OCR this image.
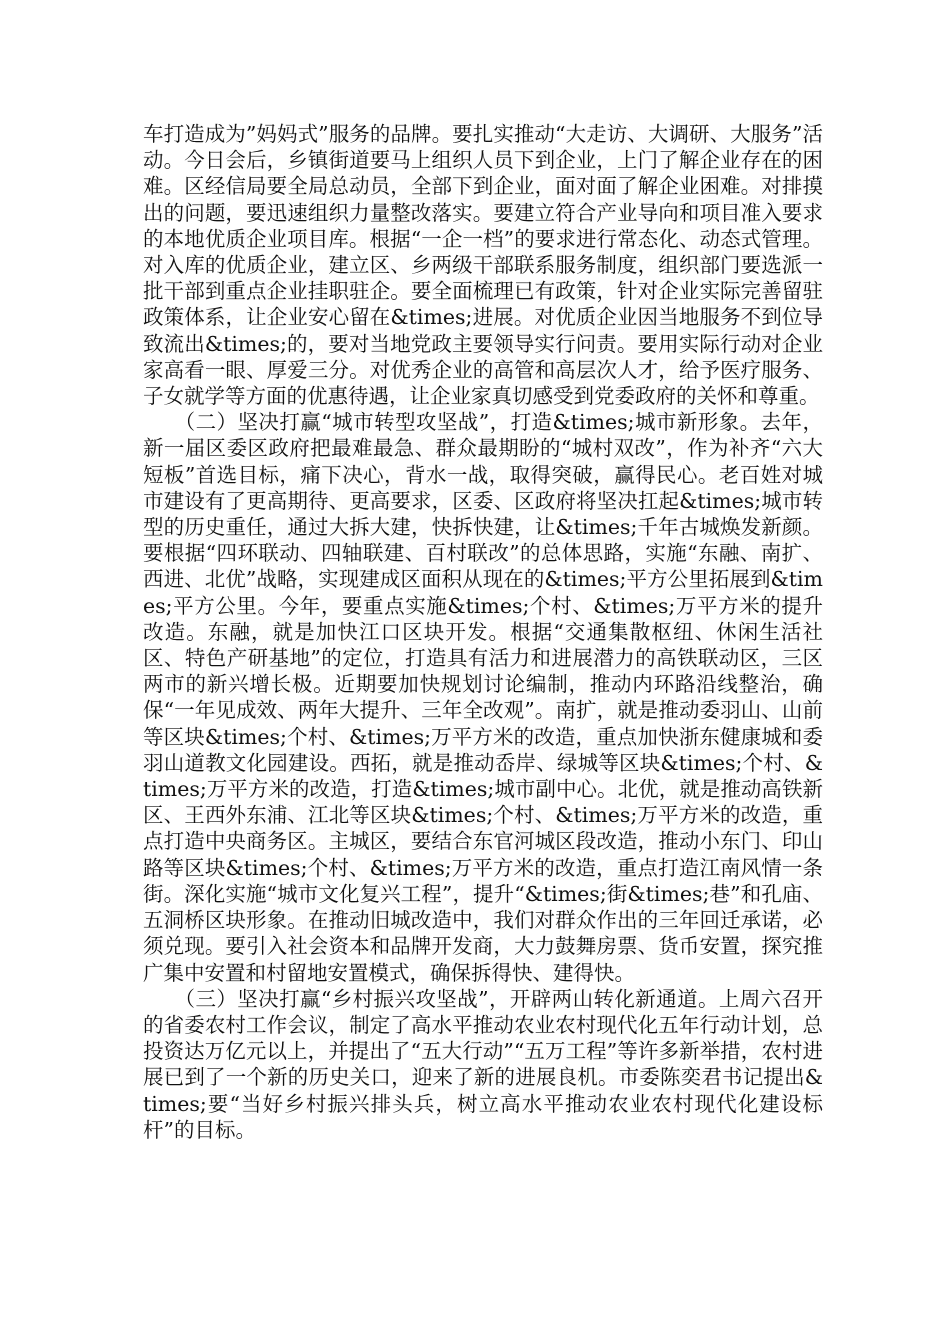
车打造成为”妈妈式”服务的品牌。要扎实推动“大走访、大调研、大服务”活动。今日会后，乡镇街道要马上组织人员下到企业，上门了解企业存在的困难。区经信局要全局总动员，全部下到企业，面对面了解企业困难。对排摸出的问题，要迅速组织力量整改落实。要建立符合产业导向和项目准入要求的本地优质企业项目库。根据“一企一档”的要求进行常态化、动态式管理。对入库的优质企业，建立区、乡两级干部联系服务制度，组织部门要选派一批干部到重点企业挂职驻企。要全面梳理已有政策，针对企业实际完善留驻政策体系，让企业安心留在&times;进展。对优质企业因当地服务不到位导致流出&times;的，要对当地党政主要领导实行问责。要用实际行动对企业家高看一眼、厚爱三分。对优秀企业的高管和高层次人才，给予医疗服务、子女就学等方面的优惠待遇，让企业家真切感受到党委政府的关怀和尊重。

　　（二）坚决打赢“城市转型攻坚战”，打造&times;城市新形象。去年，新一届区委区政府把最难最急、群众最期盼的“城村双改”，作为补齐“六大短板”首选目标，痛下决心，背水一战，取得突破，赢得民心。老百姓对城市建设有了更高期待、更高要求，区委、区政府将坚决扛起&times;城市转型的历史重任，通过大拆大建，快拆快建，让&times;千年古城焕发新颜。要根据“四环联动、四轴联建、百村联改”的总体思路，实施“东融、南扩、西进、北优”战略，实现建成区面积从现在的&times;平方公里拓展到&times;平方公里。今年，要重点实施&times;个村、&times;万平方米的提升改造。东融，就是加快江口区块开发。根据“交通集散枢纽、休闲生活社区、特色产研基地”的定位，打造具有活力和进展潜力的高铁联动区，三区两市的新兴增长极。近期要加快规划讨论编制，推动内环路沿线整治，确保“一年见成效、两年大提升、三年全改观”。南扩，就是推动委羽山、山前等区块&times;个村、&times;万平方米的改造，重点加快浙东健康城和委羽山道教文化园建设。西拓，就是推动岙岸、绿城等区块&times;个村、&times;万平方米的改造，打造&times;城市副中心。北优，就是推动高铁新区、王西外东浦、江北等区块&times;个村、&times;万平方米的改造，重点打造中央商务区。主城区，要结合东官河城区段改造，推动小东门、印山路等区块&times;个村、&times;万平方米的改造，重点打造江南风情一条街。深化实施“城市文化复兴工程”，提升“&times;街&times;巷”和孔庙、五洞桥区块形象。在推动旧城改造中，我们对群众作出的三年回迁承诺，必须兑现。要引入社会资本和品牌开发商，大力鼓舞房票、货币安置，探究推广集中安置和村留地安置模式，确保拆得快、建得快。

　　（三）坚决打赢“乡村振兴攻坚战”，开辟两山转化新通道。上周六召开的省委农村工作会议，制定了高水平推动农业农村现代化五年行动计划，总投资达万亿元以上，并提出了“五大行动”“五万工程”等许多新举措，农村进展已到了一个新的历史关口，迎来了新的进展良机。市委陈奕君书记提出&times;要“当好乡村振兴排头兵，树立高水平推动农业农村现代化建设标杆”的目标。
